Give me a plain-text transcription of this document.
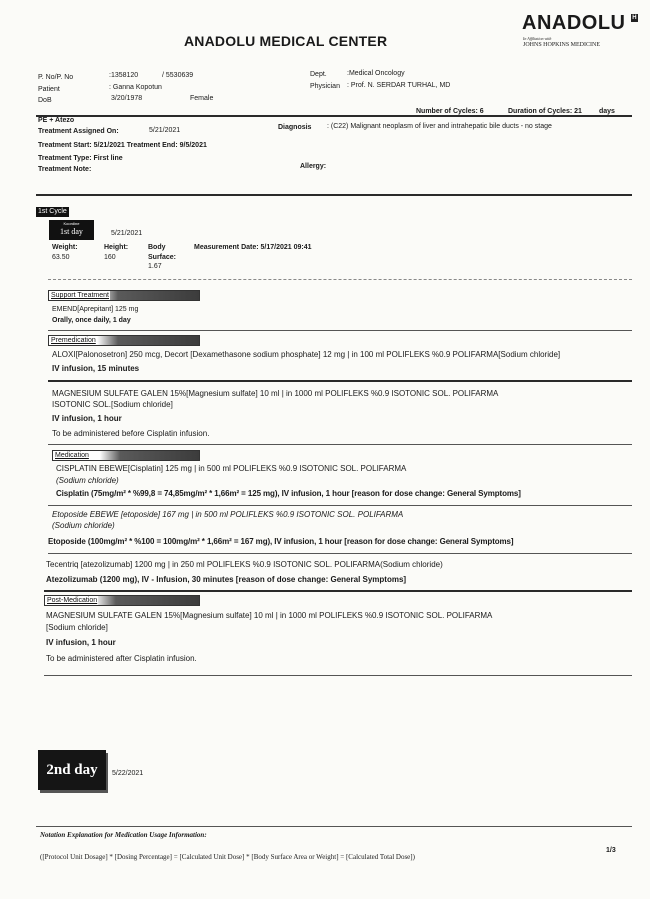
ANADOLU H
In Affiliation with
JOHNS HOPKINS MEDICINE
ANADOLU MEDICAL CENTER
P. No/P. No	:1358120	/ 5530639
Patient	: Ganna Kopotun
DoB	3/20/1978	Female
Dept.	:Medical Oncology
Physician : Prof. N. SERDAR TURHAL, MD
Number of Cycles: 6	Duration of Cycles: 21 days
PE + Atezo
Treatment Assigned On:	5/21/2021	Diagnosis : (C22) Malignant neoplasm of liver and intrahepatic bile ducts - no stage
Treatment Start: 5/21/2021 Treatment End: 9/5/2021
Treatment Type: First line
Treatment Note:	Allergy:
1st Cycle
Koordine
1st day	5/21/2021
Weight:
63.50
Height:
160
Body
Surface:
1.67
Measurement Date: 5/17/2021 09:41
Support Treatment
EMEND[Aprepitant] 125 mg
Orally, once daily, 1 day
Premedication
ALOXI[Palonosetron] 250 mcg, Decort [Dexamethasone sodium phosphate] 12 mg | in 100 ml POLIFLEKS %0.9 POLIFARMA[Sodium chloride]
IV infusion, 15 minutes
MAGNESIUM SULFATE GALEN 15%[Magnesium sulfate] 10 ml | in 1000 ml POLIFLEKS %0.9 ISOTONIC SOL. POLIFARMA
ISOTONIC SOL.[Sodium chloride]
IV infusion, 1 hour
To be administered before Cisplatin infusion.
Medication
CISPLATIN EBEWE[Cisplatin] 125 mg | in 500 ml POLIFLEKS %0.9 ISOTONIC SOL. POLIFARMA
(Sodium chloride)
Cisplatin (75mg/m² * %99,8 = 74,85mg/m² * 1,66m² = 125 mg), IV infusion, 1 hour [reason for dose change: General Symptoms]
Etoposide EBEWE [etoposide] 167 mg | in 500 ml POLIFLEKS %0.9 ISOTONIC SOL. POLIFARMA
(Sodium chloride)
Etoposide (100mg/m² * %100 = 100mg/m² * 1,66m² = 167 mg), IV infusion, 1 hour [reason for dose change: General Symptoms]
Tecentriq [atezolizumab] 1200 mg | in 250 ml POLIFLEKS %0.9 ISOTONIC SOL. POLIFARMA(Sodium chloride)
Atezolizumab (1200 mg), IV - Infusion, 30 minutes [reason of dose change: General Symptoms]
Post-Medication
MAGNESIUM SULFATE GALEN 15%[Magnesium sulfate] 10 ml | in 1000 ml POLIFLEKS %0.9 ISOTONIC SOL. POLIFARMA
[Sodium chloride]
IV infusion, 1 hour
To be administered after Cisplatin infusion.
2nd day	5/22/2021
Notation Explanation for Medication Usage Information:
([Protocol Unit Dosage] * [Dosing Percentage] = [Calculated Unit Dose] * [Body Surface Area or Weight] = [Calculated Total Dose])
1/3
